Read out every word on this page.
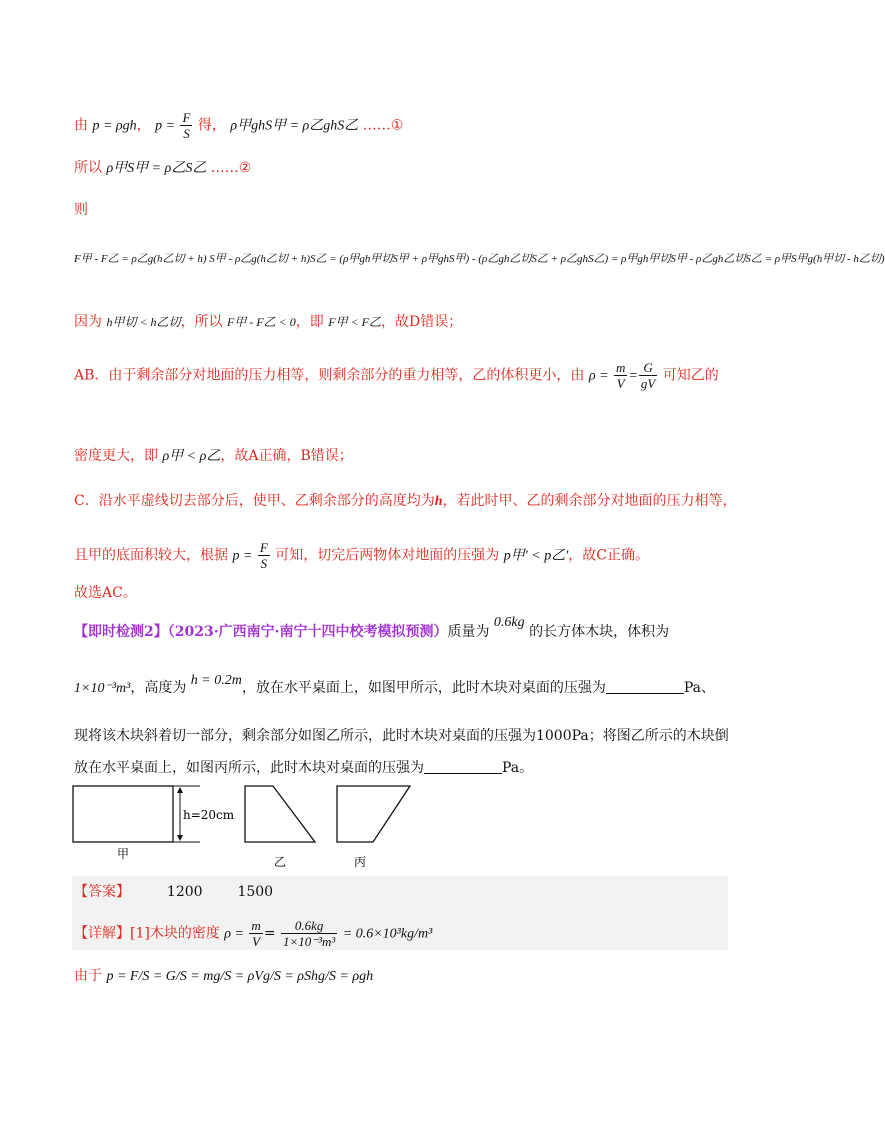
由 p = ρgh， $p = \frac{F}{S}$ 得， ρ甲ghS甲 = ρ乙ghS乙 ……①
所以 ρ甲S甲 = ρ乙S乙 ……②
则
F甲 - F乙 = ρ乙g(h乙切 + h) S甲 - ρ乙g(h乙切 + h)S乙 = (ρ甲gh甲切S甲 + ρ甲ghS甲) - (ρ乙gh乙切S乙 + ρ乙ghS乙) = ρ甲gh甲切S甲 - ρ乙gh乙切S乙 = ρ甲S甲g(h甲切 - h乙切)
因为 h甲切 < h乙切，所以 F甲 - F乙 < 0，即 F甲 < F乙，故D错误；
AB．由于剩余部分对地面的压力相等，则剩余部分的重力相等，乙的体积更小，由 $\rho = \frac{m}{V} = \frac{G}{gV}$ 可知乙的
密度更大，即 ρ甲 < ρ乙，故A正确，B错误；
C．沿水平虚线切去部分后，使甲、乙剩余部分的高度均为h，若此时甲、乙的剩余部分对地面的压力相等，
且甲的底面积较大，根据 $p = \frac{F}{S}$ 可知，切完后两物体对地面的压强为 p甲′ < p乙′，故C正确。
故选AC。
【即时检测2】（2023·广西南宁·南宁十四中校考模拟预测）质量为 0.6kg 的长方体木块，体积为
1×10⁻³m³，高度为 h = 0.2m，放在水平桌面上，如图甲所示，此时木块对桌面的压强为	Pa、
现将该木块斜着切一部分，剩余部分如图乙所示，此时木块对桌面的压强为1000Pa；将图乙所示的木块倒
放在水平桌面上，如图丙所示，此时木块对桌面的压强为	Pa。
h=20cm
甲
乙	丙
【答案】	1200 1500
【详解】[1]木块的密度 $\rho = \frac{m}{V} = \frac{0.6kg}{\text{1×10⁻³m³}} = 0.6\times 10^3kg/m^3$
由于 p = F/S = G/S = mg/S = ρVg/S = ρShg/S = ρgh
